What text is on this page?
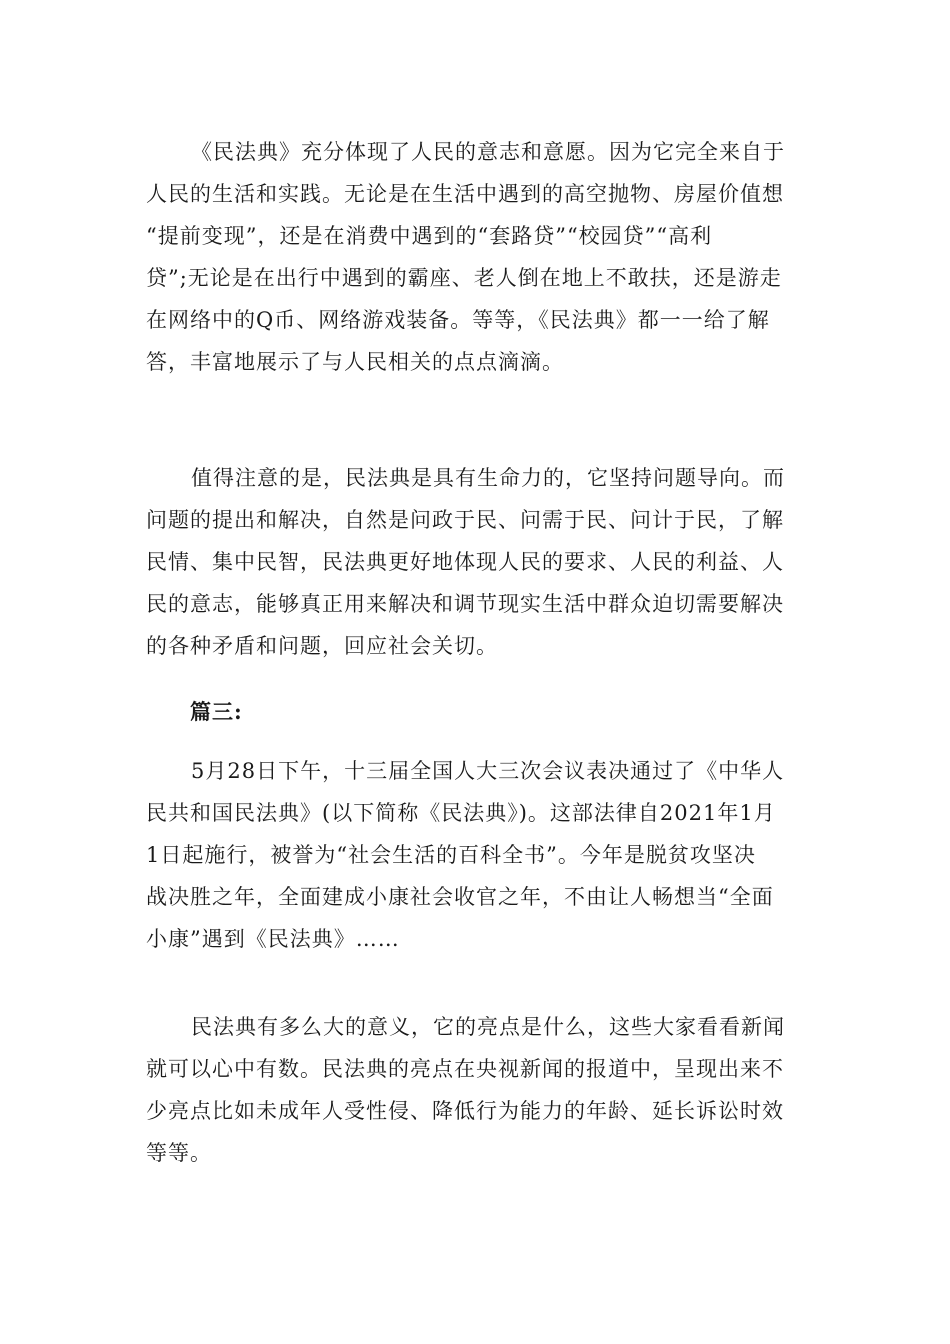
《民法典》充分体现了人民的意志和意愿。因为它完全来自于
人民的生活和实践。无论是在生活中遇到的高空抛物、房屋价值想
“提前变现”，还是在消费中遇到的“套路贷”“校园贷”“高利
贷”;无论是在出行中遇到的霸座、老人倒在地上不敢扶，还是游走
在网络中的Q币、网络游戏装备。等等，《民法典》都一一给了解
答，丰富地展示了与人民相关的点点滴滴。
值得注意的是，民法典是具有生命力的，它坚持问题导向。而
问题的提出和解决，自然是问政于民、问需于民、问计于民，了解
民情、集中民智，民法典更好地体现人民的要求、人民的利益、人
民的意志，能够真正用来解决和调节现实生活中群众迫切需要解决
的各种矛盾和问题，回应社会关切。
篇三:
5月28日下午，十三届全国人大三次会议表决通过了《中华人
民共和国民法典》(以下简称《民法典》)。这部法律自2021年1月
1日起施行，被誉为“社会生活的百科全书”。今年是脱贫攻坚决
战决胜之年，全面建成小康社会收官之年，不由让人畅想当“全面
小康”遇到《民法典》……
民法典有多么大的意义，它的亮点是什么，这些大家看看新闻
就可以心中有数。民法典的亮点在央视新闻的报道中，呈现出来不
少亮点比如未成年人受性侵、降低行为能力的年龄、延长诉讼时效
等等。
